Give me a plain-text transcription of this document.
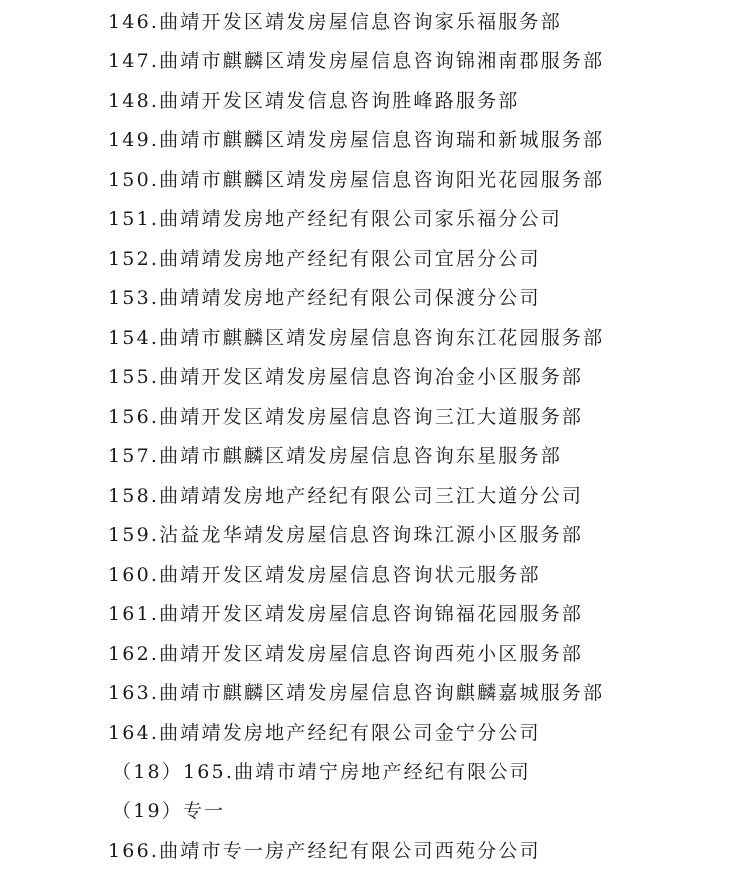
146.曲靖开发区靖发房屋信息咨询家乐福服务部
147.曲靖市麒麟区靖发房屋信息咨询锦湘南郡服务部
148.曲靖开发区靖发信息咨询胜峰路服务部
149.曲靖市麒麟区靖发房屋信息咨询瑞和新城服务部
150.曲靖市麒麟区靖发房屋信息咨询阳光花园服务部
151.曲靖靖发房地产经纪有限公司家乐福分公司
152.曲靖靖发房地产经纪有限公司宜居分公司
153.曲靖靖发房地产经纪有限公司保渡分公司
154.曲靖市麒麟区靖发房屋信息咨询东江花园服务部
155.曲靖开发区靖发房屋信息咨询冶金小区服务部
156.曲靖开发区靖发房屋信息咨询三江大道服务部
157.曲靖市麒麟区靖发房屋信息咨询东星服务部
158.曲靖靖发房地产经纪有限公司三江大道分公司
159.沾益龙华靖发房屋信息咨询珠江源小区服务部
160.曲靖开发区靖发房屋信息咨询状元服务部
161.曲靖开发区靖发房屋信息咨询锦福花园服务部
162.曲靖开发区靖发房屋信息咨询西苑小区服务部
163.曲靖市麒麟区靖发房屋信息咨询麒麟嘉城服务部
164.曲靖靖发房地产经纪有限公司金宁分公司
（18）165.曲靖市靖宁房地产经纪有限公司
（19）专一
166.曲靖市专一房产经纪有限公司西苑分公司
